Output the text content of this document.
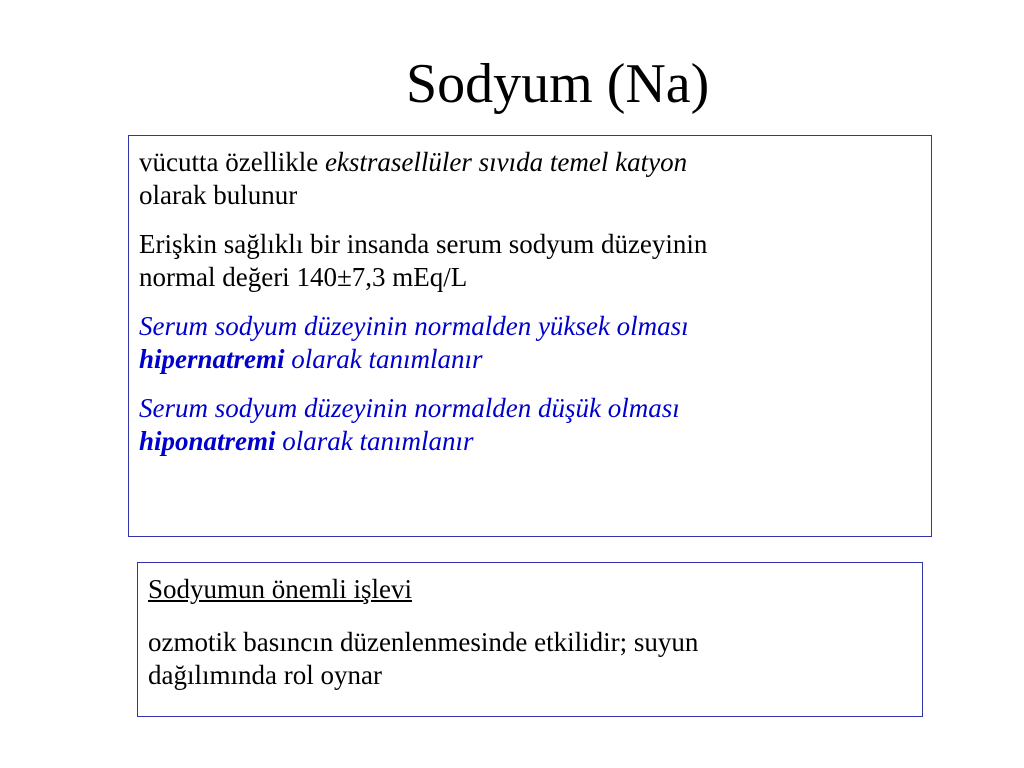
Sodyum (Na)

vücutta özellikle ekstrasellüler sıvıda temel katyon
olarak bulunur

Erişkin sağlıklı bir insanda serum sodyum düzeyinin
normal değeri 140±7,3 mEq/L

Serum sodyum düzeyinin normalden yüksek olması
hipernatremi olarak tanımlanır

Serum sodyum düzeyinin normalden düşük olması
hiponatremi olarak tanımlanır

Sodyumun önemli işlevi

ozmotik basıncın düzenlenmesinde etkilidir; suyun
dağılımında rol oynar
